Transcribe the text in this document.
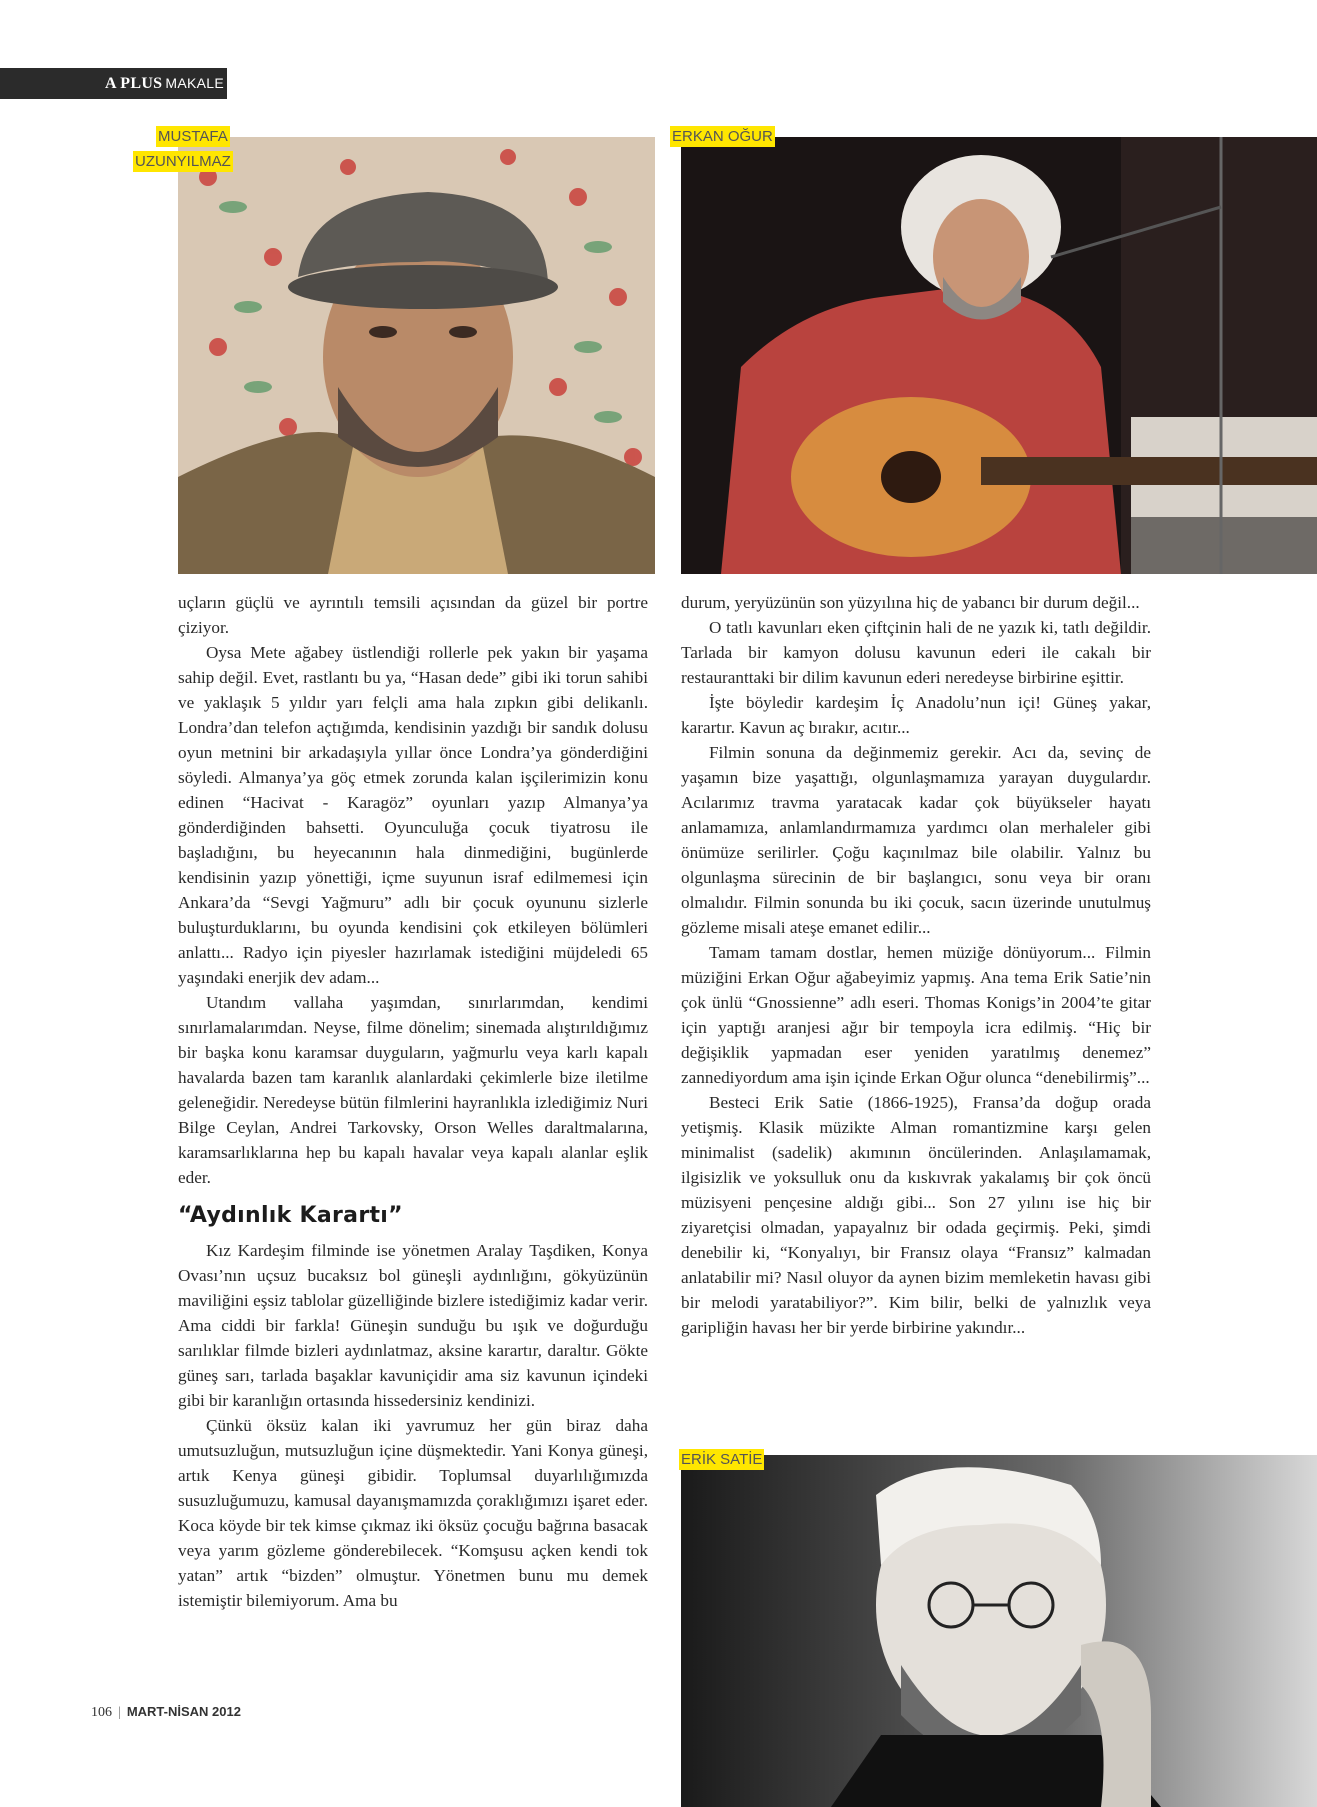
A PLUS MAKALE
MUSTAFA
UZUNYILMAZ
ERKAN OĞUR
ERİK SATİE

uçların güçlü ve ayrıntılı temsili açısından da güzel bir portre çiziyor.

Oysa Mete ağabey üstlendiği rollerle pek yakın bir yaşama sahip değil. Evet, rastlantı bu ya, “Hasan dede” gibi iki torun sahibi ve yaklaşık 5 yıldır yarı felçli ama hala zıpkın gibi delikanlı. Londra’dan telefon açtığımda, kendisinin yazdığı bir sandık dolusu oyun metnini bir arkadaşıyla yıllar önce Londra’ya gönderdiğini söyledi. Almanya’ya göç etmek zorunda kalan işçilerimizin konu edinen “Hacivat - Karagöz” oyunları yazıp Almanya’ya gönderdiğinden bahsetti. Oyunculuğa çocuk tiyatrosu ile başladığını, bu heyecanının hala dinmediğini, bugünlerde kendisinin yazıp yönettiği, içme suyunun israf edilmemesi için Ankara’da “Sevgi Yağmuru” adlı bir çocuk oyununu sizlerle buluşturduklarını, bu oyunda kendisini çok etkileyen bölümleri anlattı... Radyo için piyesler hazırlamak istediğini müjdeledi 65 yaşındaki enerjik dev adam...

Utandım vallaha yaşımdan, sınırlarımdan, kendimi sınırlamalarımdan. Neyse, filme dönelim; sinemada alıştırıldığımız bir başka konu karamsar duyguların, yağmurlu veya karlı kapalı havalarda bazen tam karanlık alanlardaki çekimlerle bize iletilme geleneğidir. Neredeyse bütün filmlerini hayranlıkla izlediğimiz Nuri Bilge Ceylan, Andrei Tarkovsky, Orson Welles daraltmalarına, karamsarlıklarına hep bu kapalı havalar veya kapalı alanlar eşlik eder.

“Aydınlık Karartı”

Kız Kardeşim filminde ise yönetmen Aralay Taşdiken, Konya Ovası’nın uçsuz bucaksız bol güneşli aydınlığını, gökyüzünün maviliğini eşsiz tablolar güzelliğinde bizlere istediğimiz kadar verir. Ama ciddi bir farkla! Güneşin sunduğu bu ışık ve doğurduğu sarılıklar filmde bizleri aydınlatmaz, aksine karartır, daraltır. Gökte güneş sarı, tarlada başaklar kavuniçidir ama siz kavunun içindeki gibi bir karanlığın ortasında hissedersiniz kendinizi.

Çünkü öksüz kalan iki yavrumuz her gün biraz daha umutsuzluğun, mutsuzluğun içine düşmektedir. Yani Konya güneşi, artık Kenya güneşi gibidir. Toplumsal duyarlılığımızda susuzluğumuzu, kamusal dayanışmamızda çoraklığımızı işaret eder. Koca köyde bir tek kimse çıkmaz iki öksüz çocuğu bağrına basacak veya yarım gözleme gönderebilecek. “Komşusu açken kendi tok yatan” artık “bizden” olmuştur. Yönetmen bunu mu demek istemiştir bilemiyorum. Ama bu

durum, yeryüzünün son yüzyılına hiç de yabancı bir durum değil...

O tatlı kavunları eken çiftçinin hali de ne yazık ki, tatlı değildir. Tarlada bir kamyon dolusu kavunun ederi ile cakalı bir restauranttaki bir dilim kavunun ederi neredeyse birbirine eşittir.

İşte böyledir kardeşim İç Anadolu’nun içi! Güneş yakar, karartır. Kavun aç bırakır, acıtır...

Filmin sonuna da değinmemiz gerekir. Acı da, sevinç de yaşamın bize yaşattığı, olgunlaşmamıza yarayan duygulardır. Acılarımız travma yaratacak kadar çok büyükseler hayatı anlamamıza, anlamlandırmamıza yardımcı olan merhaleler gibi önümüze serilirler. Çoğu kaçınılmaz bile olabilir. Yalnız bu olgunlaşma sürecinin de bir başlangıcı, sonu veya bir oranı olmalıdır. Filmin sonunda bu iki çocuk, sacın üzerinde unutulmuş gözleme misali ateşe emanet edilir...

Tamam tamam dostlar, hemen müziğe dönüyorum... Filmin müziğini Erkan Oğur ağabeyimiz yapmış. Ana tema Erik Satie’nin çok ünlü “Gnossienne” adlı eseri. Thomas Konigs’in 2004’te gitar için yaptığı aranjesi ağır bir tempoyla icra edilmiş. “Hiç bir değişiklik yapmadan eser yeniden yaratılmış denemez” zannediyordum ama işin içinde Erkan Oğur olunca “denebilirmiş”...

Besteci Erik Satie (1866-1925), Fransa’da doğup orada yetişmiş. Klasik müzikte Alman romantizmine karşı gelen minimalist (sadelik) akımının öncülerinden. Anlaşılamamak, ilgisizlik ve yoksulluk onu da kıskıvrak yakalamış bir çok öncü müzisyeni pençesine aldığı gibi... Son 27 yılını ise hiç bir ziyaretçisi olmadan, yapayalnız bir odada geçirmiş. Peki, şimdi denebilir ki, “Konyalıyı, bir Fransız olaya “Fransız” kalmadan anlatabilir mi? Nasıl oluyor da aynen bizim memleketin havası gibi bir melodi yaratabiliyor?”. Kim bilir, belki de yalnızlık veya garipliğin havası her bir yerde birbirine yakındır...

106 | MART-NİSAN 2012
